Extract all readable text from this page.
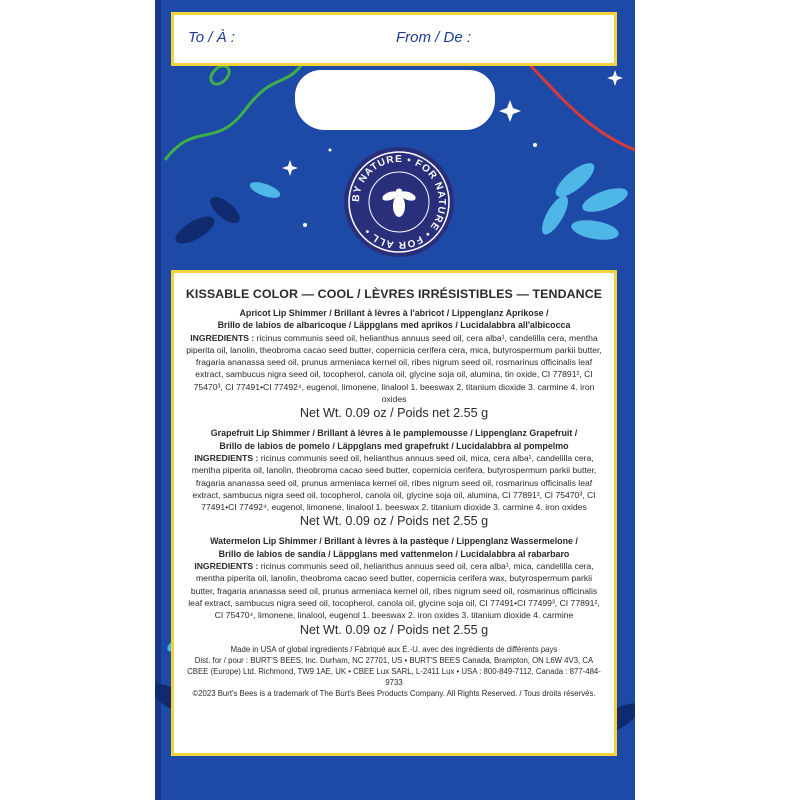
To / À :	From / De :
BY NATURE • FOR NATURE • FOR ALL •
KISSABLE COLOR — COOL / LÈVRES IRRÉSISTIBLES — TENDANCE
Apricot Lip Shimmer / Brillant à lèvres à l'abricot / Lippenglanz Aprikose /
Brillo de labios de albaricoque / Läppglans med aprikos / Lucidalabbra all'albicocca
INGREDIENTS : ricinus communis seed oil, helianthus annuus seed oil, cera alba¹, candelilla cera, mentha piperita oil, lanolin, theobroma cacao seed butter, copernicia cerifera cera, mica, butyrospermum parkii butter, fragaria ananassa seed oil, prunus armeniaca kernel oil, ribes nigrum seed oil, rosmarinus officinalis leaf extract, sambucus nigra seed oil, tocopherol, canola oil, glycine soja oil, alumina, tin oxide, CI 77891², CI 75470³, CI 77491•CI 77492⁴, eugenol, limonene, linalool 1. beeswax 2. titanium dioxide 3. carmine 4. iron oxides
Net Wt. 0.09 oz / Poids net 2.55 g
Grapefruit Lip Shimmer / Brillant à lèvres à le pamplemousse / Lippenglanz Grapefruit /
Brillo de labios de pomelo / Läppglans med grapefrukt / Lucidalabbra al pompelmo
INGREDIENTS : ricinus communis seed oil, helianthus annuus seed oil, mica, cera alba¹, candelilla cera, mentha piperita oil, lanolin, theobroma cacao seed butter, copernicia cerifera, butyrospermum parkii butter, fragaria ananassa seed oil, prunus armeniaca kernel oil, ribes nigrum seed oil, rosmarinus officinalis leaf extract, sambucus nigra seed oil, tocopherol, canola oil, glycine soja oil, alumina, CI 77891², CI 75470³, CI 77491•CI 77492⁴, eugenol, limonene, linalool 1. beeswax 2. titanium dioxide 3. carmine 4. iron oxides
Net Wt. 0.09 oz / Poids net 2.55 g
Watermelon Lip Shimmer / Brillant à lèvres à la pastèque / Lippenglanz Wassermelone /
Brillo de labios de sandía / Läppglans med vattenmelon / Lucidalabbra al rabarbaro
INGREDIENTS : ricinus communis seed oil, helianthus annuus seed oil, cera alba¹, mica, candelilla cera, mentha piperita oil, lanolin, theobroma cacao seed butter, copernicia cerifera wax, butyrospermum parkii butter, fragaria ananassa seed oil, prunus armeniaca kernel oil, ribes nigrum seed oil, rosmarinus officinalis leaf extract, sambucus nigra seed oil, tocopherol, canola oil, glycine soja oil, CI 77491•CI 77499³, CI 77891², CI 75470⁴, limonene, linalool, eugenol 1. beeswax 2. iron oxides 3. titanium dioxide 4. carmine
Net Wt. 0.09 oz / Poids net 2.55 g
Made in USA of global ingredients / Fabriqué aux É.-U. avec des ingrédients de différents pays
Dist. for / pour : BURT'S BEES, Inc. Durham, NC 27701, US • BURT'S BEES Canada, Brampton, ON L6W 4V3, CA
CBEE (Europe) Ltd. Richmond, TW9 1AE, UK • CBEE Lux SARL, L-2411 Lux • USA : 800-849-7112, Canada : 877-484-9733
©2023 Burt's Bees is a trademark of The Burt's Bees Products Company. All Rights Reserved. / Tous droits réservés.
